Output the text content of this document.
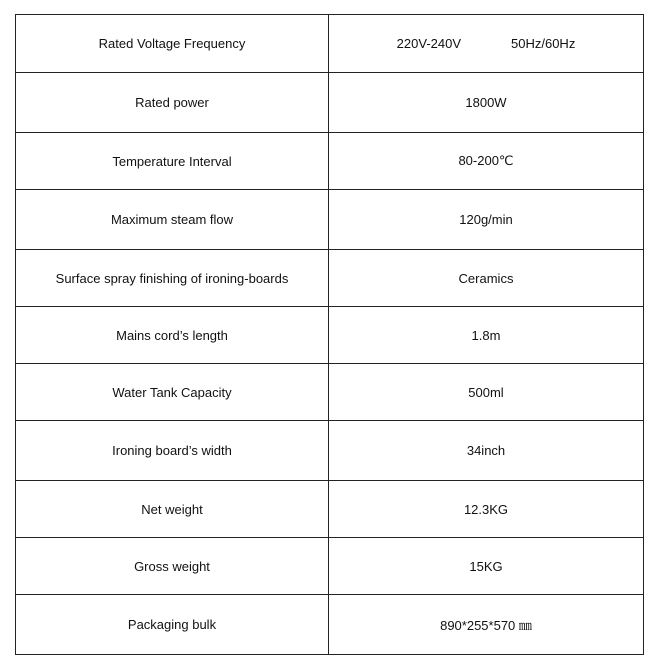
Rated Voltage Frequency	220V-240V 50Hz/60Hz
Rated power	1800W
Temperature Interval	80-200℃
Maximum steam flow	120g/min
Surface spray finishing of ironing-boards	Ceramics
Mains cord’s length	1.8m
Water Tank Capacity	500ml
Ironing board’s width	34inch
Net weight	12.3KG
Gross weight	15KG
Packaging bulk	890*255*570 ㎜
